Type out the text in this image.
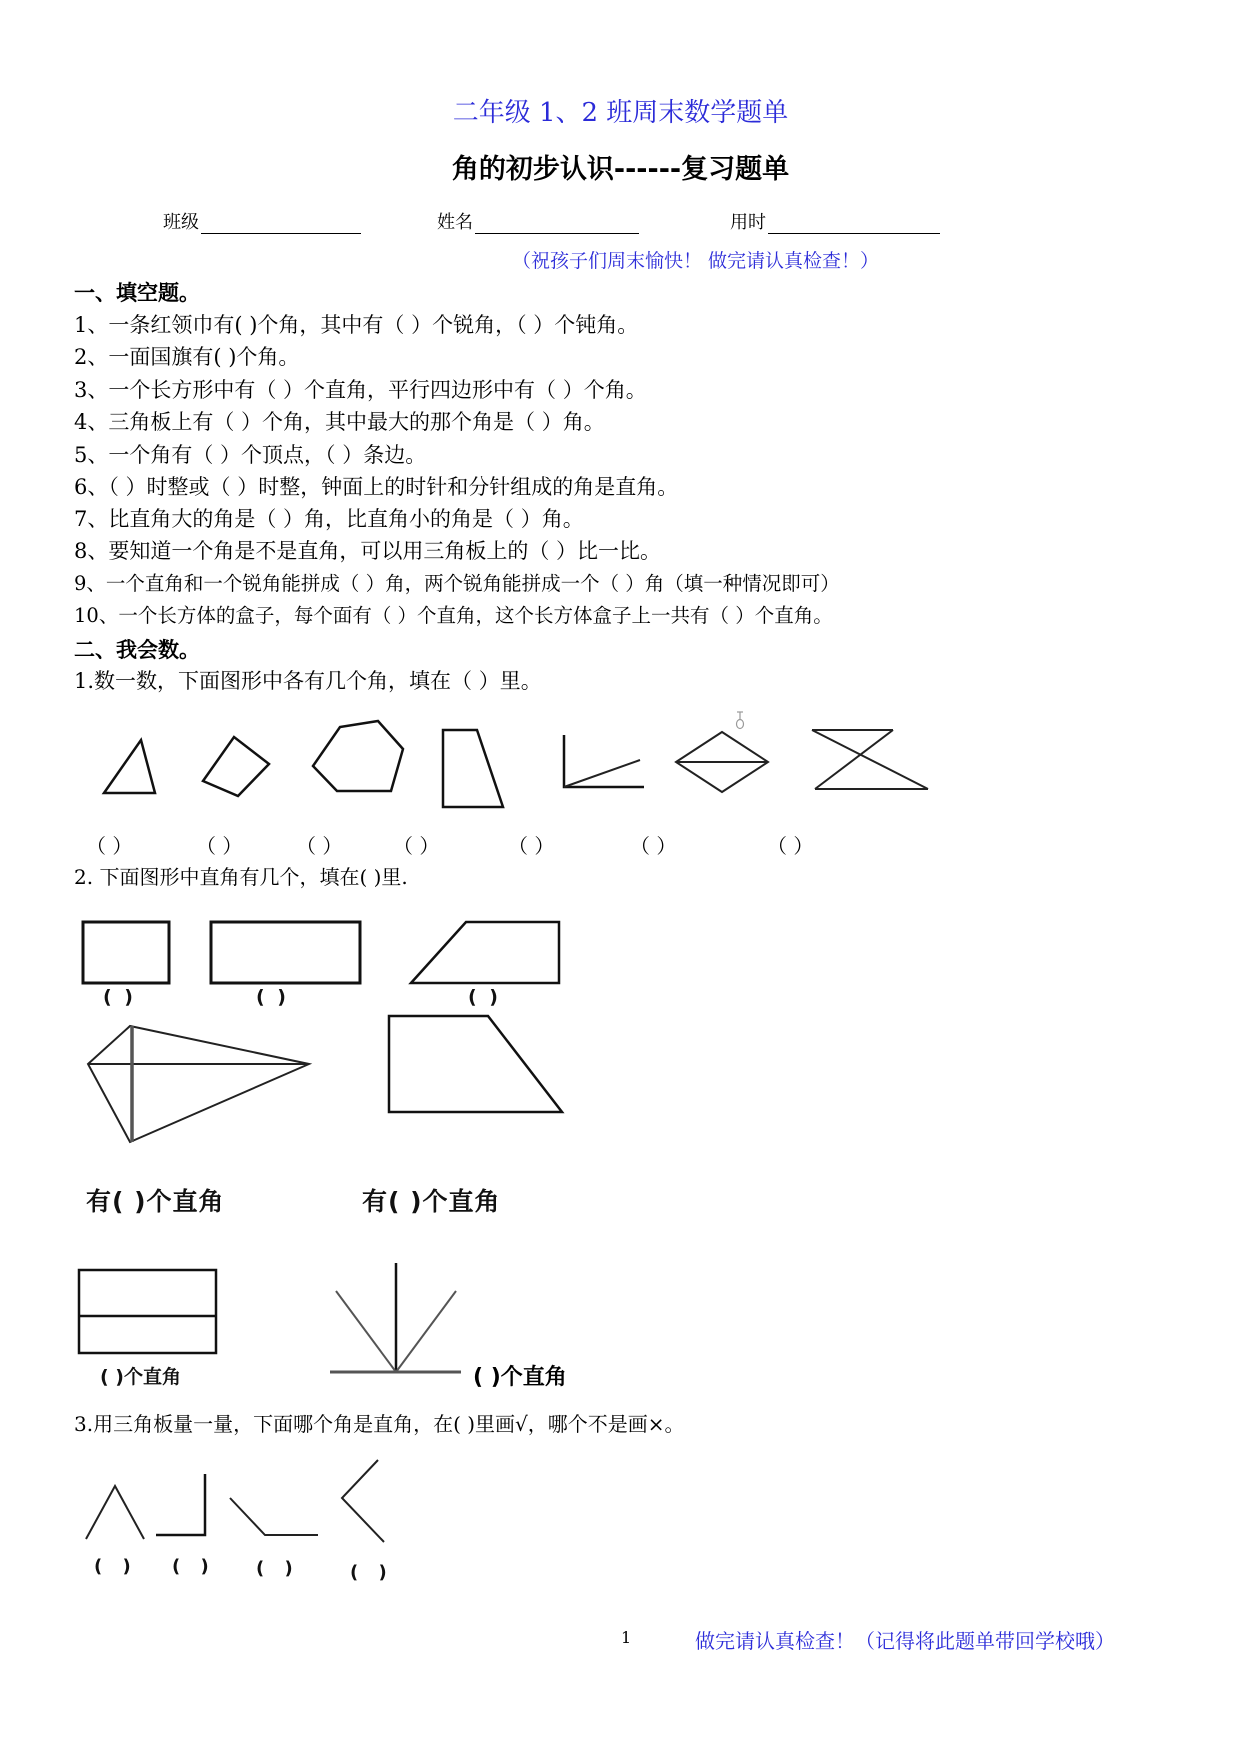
二年级 1、2 班周末数学题单
角的初步认识------复习题单
班级	姓名	用时
（祝孩子们周末愉快！ 做完请认真检查！）
一、填空题。
1、一条红领巾有( )个角，其中有（ ）个锐角，（ ）个钝角。
2、一面国旗有( )个角。
3、一个长方形中有（ ）个直角，平行四边形中有（ ）个角。
4、三角板上有（ ）个角，其中最大的那个角是（ ）角。
5、一个角有（ ）个顶点，（ ）条边。
6、（ ）时整或（ ）时整，钟面上的时针和分针组成的角是直角。
7、比直角大的角是（ ）角，比直角小的角是（ ）角。
8、要知道一个角是不是直角，可以用三角板上的（ ）比一比。
9、一个直角和一个锐角能拼成（ ）角，两个锐角能拼成一个（ ）角（填一种情况即可）
10、一个长方体的盒子，每个面有（ ）个直角，这个长方体盒子上一共有（ ）个直角。
二、我会数。
1.数一数，下面图形中各有几个角，填在（ ）里。
（ ）	（ ）	（ ）	（ ）	（ ）	（ ）	（ ）
2. 下面图形中直角有几个，填在( )里.
( )	( )	( )
有( )个直角	有( )个直角
( )个直角	( )个直角
3.用三角板量一量，下面哪个角是直角，在( )里画√，哪个不是画×。
( ) ( ) ( )	( )
1	做完请认真检查！（记得将此题单带回学校哦）
